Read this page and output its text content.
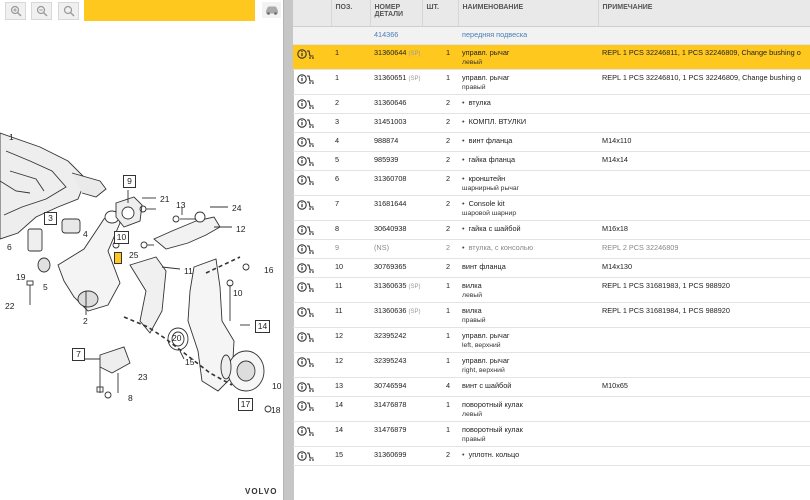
9
3
10
14
7
17
1
21
13	24
12
4
6
25
16
11
19
5
10
22
2
20
15
23
10
8
18
VOLVO
	ПОЗ.	НОМЕР ДЕТАЛИ	ШТ.	НАИМЕНОВАНИЕ	ПРИМЕЧАНИЕ
		414366		передняя подвеска	

	1	31360644 (SP)	1	управл. рычаг
левый	REPL 1 PCS 32246811, 1 PCS 32246809, Change bushing o

	1	31360651 (SP)	1	управл. рычаг
правый	REPL 1 PCS 32246810, 1 PCS 32246809, Change bushing o

	2	31360646	2	• втулка	

	3	31451003	2	• КОМПЛ. ВТУЛКИ	

	4	988874	2	• винт фланца	M14x110

	5	985939	2	• гайка фланца	M14x14

	6	31360708	2	• кронштейн
шарнирный рычаг

	7	31681644	2	• Console kit
шаровой шарнир

	8	30640938	2	• гайка с шайбой	M16x18

	9	(NS)	2	• втулка, с консолью	REPL 2 PCS 32246809

	10	30769365	2	винт фланца	M14x130

	11	31360635 (SP)	1	вилка
левый	REPL 1 PCS 31681983, 1 PCS 988920

	11	31360636 (SP)	1	вилка
правый	REPL 1 PCS 31681984, 1 PCS 988920

	12	32395242	1	управл. рычаг
left, верхний	

	12	32395243	1	управл. рычаг
right, верхний	

	13	30746594	4	винт с шайбой	M10x65

	14	31476878	1	поворотный кулак
левый	

	14	31476879	1	поворотный кулак
правый	

	15	31360699	2	• уплотн. кольцо	
